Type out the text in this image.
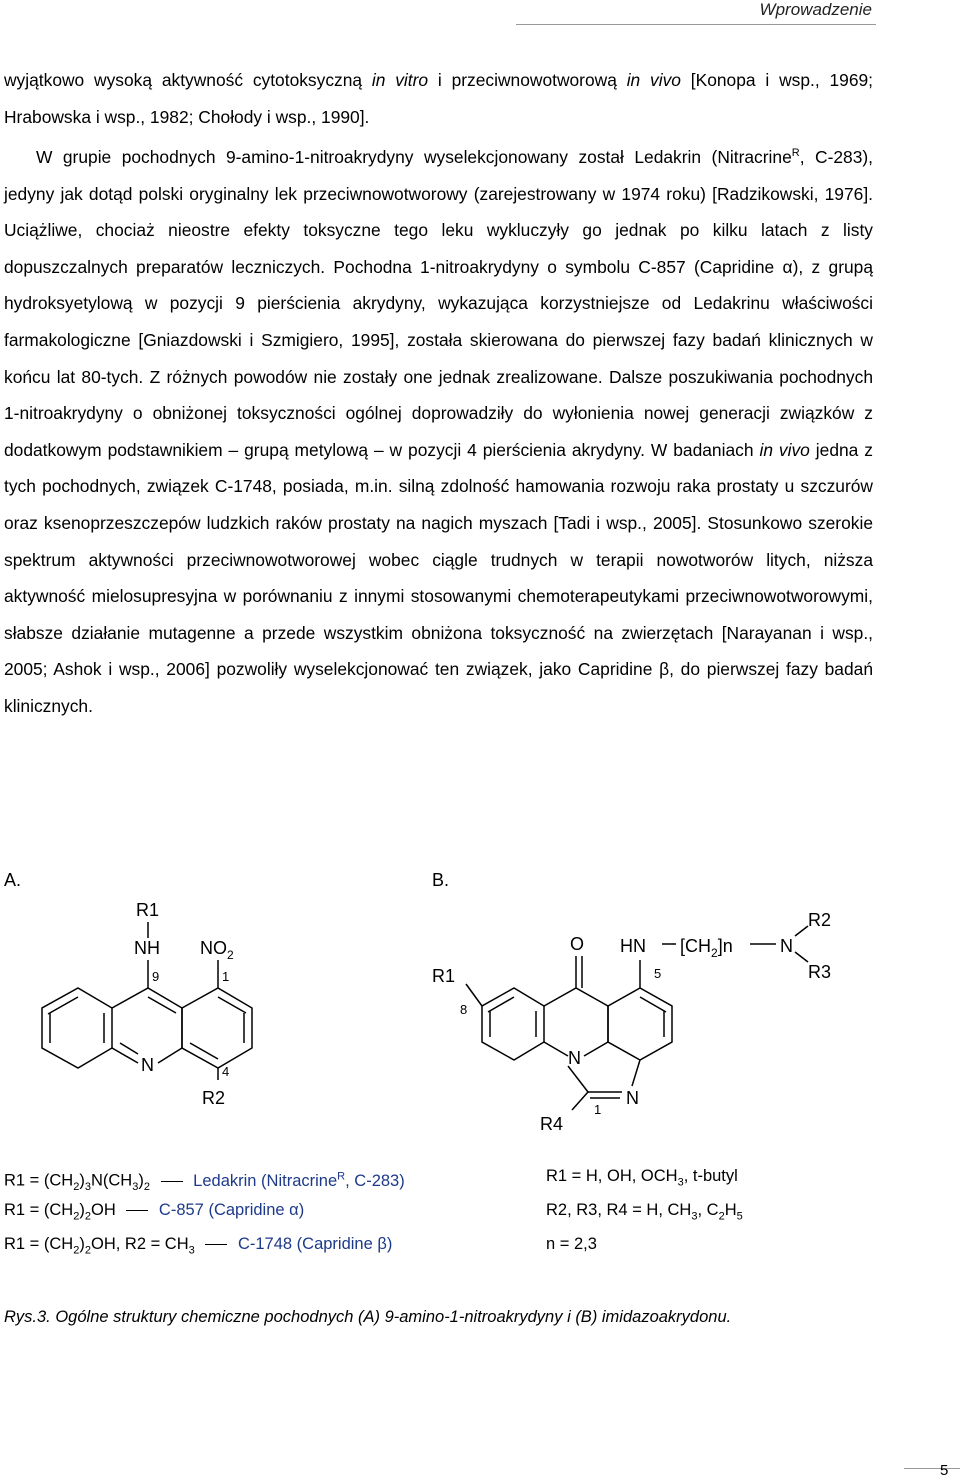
Wprowadzenie

wyjątkowo wysoką aktywność cytotoksyczną in vitro i przeciwnowotworową in vivo [Konopa i wsp., 1969; Hrabowska i wsp., 1982; Chołody i wsp., 1990].

W grupie pochodnych 9-amino-1-nitroakrydyny wyselekcjonowany został Ledakrin (Nitracrine$^R$, C-283), jedyny jak dotąd polski oryginalny lek przeciwnowotworowy (zarejestrowany w 1974 roku) [Radzikowski, 1976]. Uciążliwe, chociaż nieostre efekty toksyczne tego leku wykluczyły go jednak po kilku latach z listy dopuszczalnych preparatów leczniczych. Pochodna 1-nitroakrydyny o symbolu C-857 (Capridine α), z grupą hydroksyetylową w pozycji 9 pierścienia akrydyny, wykazująca korzystniejsze od Ledakrinu właściwości farmakologiczne [Gniazdowski i Szmigiero, 1995], została skierowana do pierwszej fazy badań klinicznych w końcu lat 80-tych. Z różnych powodów nie zostały one jednak zrealizowane. Dalsze poszukiwania pochodnych 1-nitroakrydyny o obniżonej toksyczności ogólnej doprowadziły do wyłonienia nowej generacji związków z dodatkowym podstawnikiem – grupą metylową – w pozycji 4 pierścienia akrydyny. W badaniach in vivo jedna z tych pochodnych, związek C-1748, posiada, m.in. silną zdolność hamowania rozwoju raka prostaty u szczurów oraz ksenoprzeszczepów ludzkich raków prostaty na nagich myszach [Tadi i wsp., 2005]. Stosunkowo szerokie spektrum aktywności przeciwnowotworowej wobec ciągle trudnych w terapii nowotworów litych, niższa aktywność mielosupresyjna w porównaniu z innymi stosowanymi chemoterapeutykami przeciwnowotworowymi, słabsze działanie mutagenne a przede wszystkim obniżona toksyczność na zwierzętach [Narayanan i wsp., 2005; Ashok i wsp., 2006] pozwoliły wyselekcjonować ten związek, jako Capridine β, do pierwszej fazy badań klinicznych.

A.
R1
NH $NO_2$
9	1
N	4
R2
B.
O HN $[CH_2]n$	N
R2
R3
R1	5
8
N
N
1
R4
$R1 = (CH_2)_3N(CH_3)_2$	Ledakrin (Nitracrine$^R$, C-283)
$R1 = (CH_2)_2OH$	C-857 (Capridine α)
$R1 = (CH_2)_2OH$, $R2 = CH_3$	C-1748 (Capridine β)
R1 = H, OH, $OCH_3$, t-butyl
R2, R3, R4 = H, $CH_3$, $C_2H_5$
n = 2,3
Rys.3. Ogólne struktury chemiczne pochodnych (A) 9-amino-1-nitroakrydyny i (B) imidazoakrydonu.
5
